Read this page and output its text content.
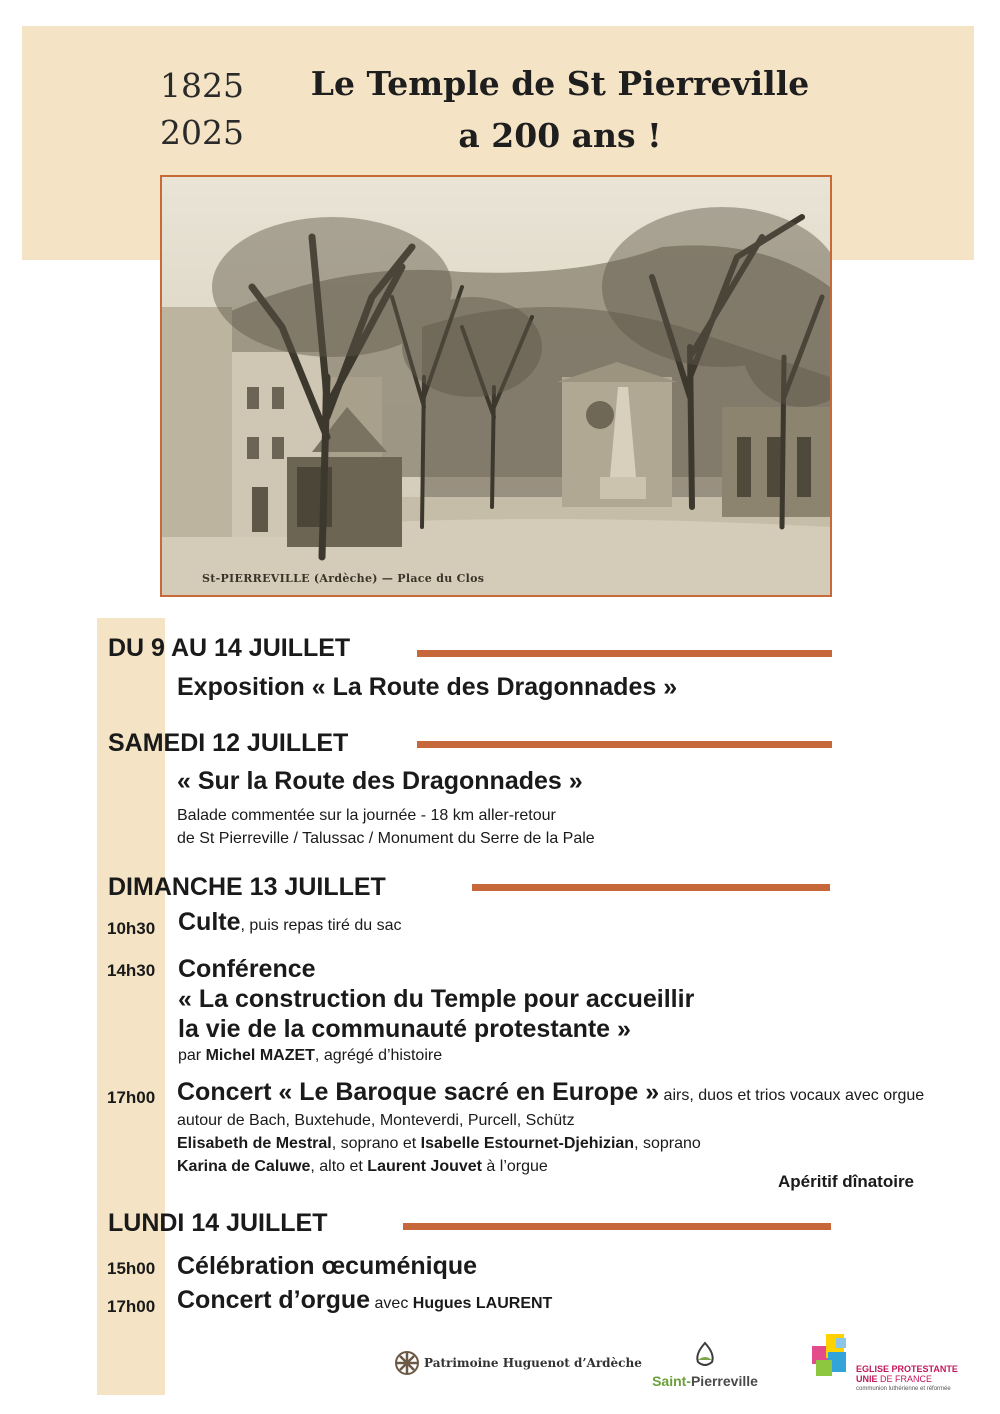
1825
2025
Le Temple de St Pierreville
a 200 ans !
St-PIERREVILLE (Ardèche) — Place du Clos
DU 9 AU 14 JUILLET
Exposition « La Route des Dragonnades »
SAMEDI 12 JUILLET
« Sur la Route des Dragonnades »
Balade commentée sur la journée - 18 km aller-retour
de St Pierreville / Talussac / Monument du Serre de la Pale
DIMANCHE 13 JUILLET
10h30 Culte, puis repas tiré du sac
14h30 Conférence
« La construction du Temple pour accueillir
la vie de la communauté protestante »
par Michel MAZET, agrégé d’histoire
17h00 Concert « Le Baroque sacré en Europe » airs, duos et trios vocaux avec orgue
autour de Bach, Buxtehude, Monteverdi, Purcell, Schütz
Elisabeth de Mestral, soprano et Isabelle Estournet-Djehizian, soprano
Karina de Caluwe, alto et Laurent Jouvet à l’orgue
Apéritif dînatoire
LUNDI 14 JUILLET
15h00 Célébration œcuménique
17h00 Concert d’orgue avec Hugues LAURENT
Patrimoine Huguenot d’Ardèche
Saint-Pierreville
EGLISE PROTESTANTE
UNIE DE FRANCE
communion luthérienne et réformée
